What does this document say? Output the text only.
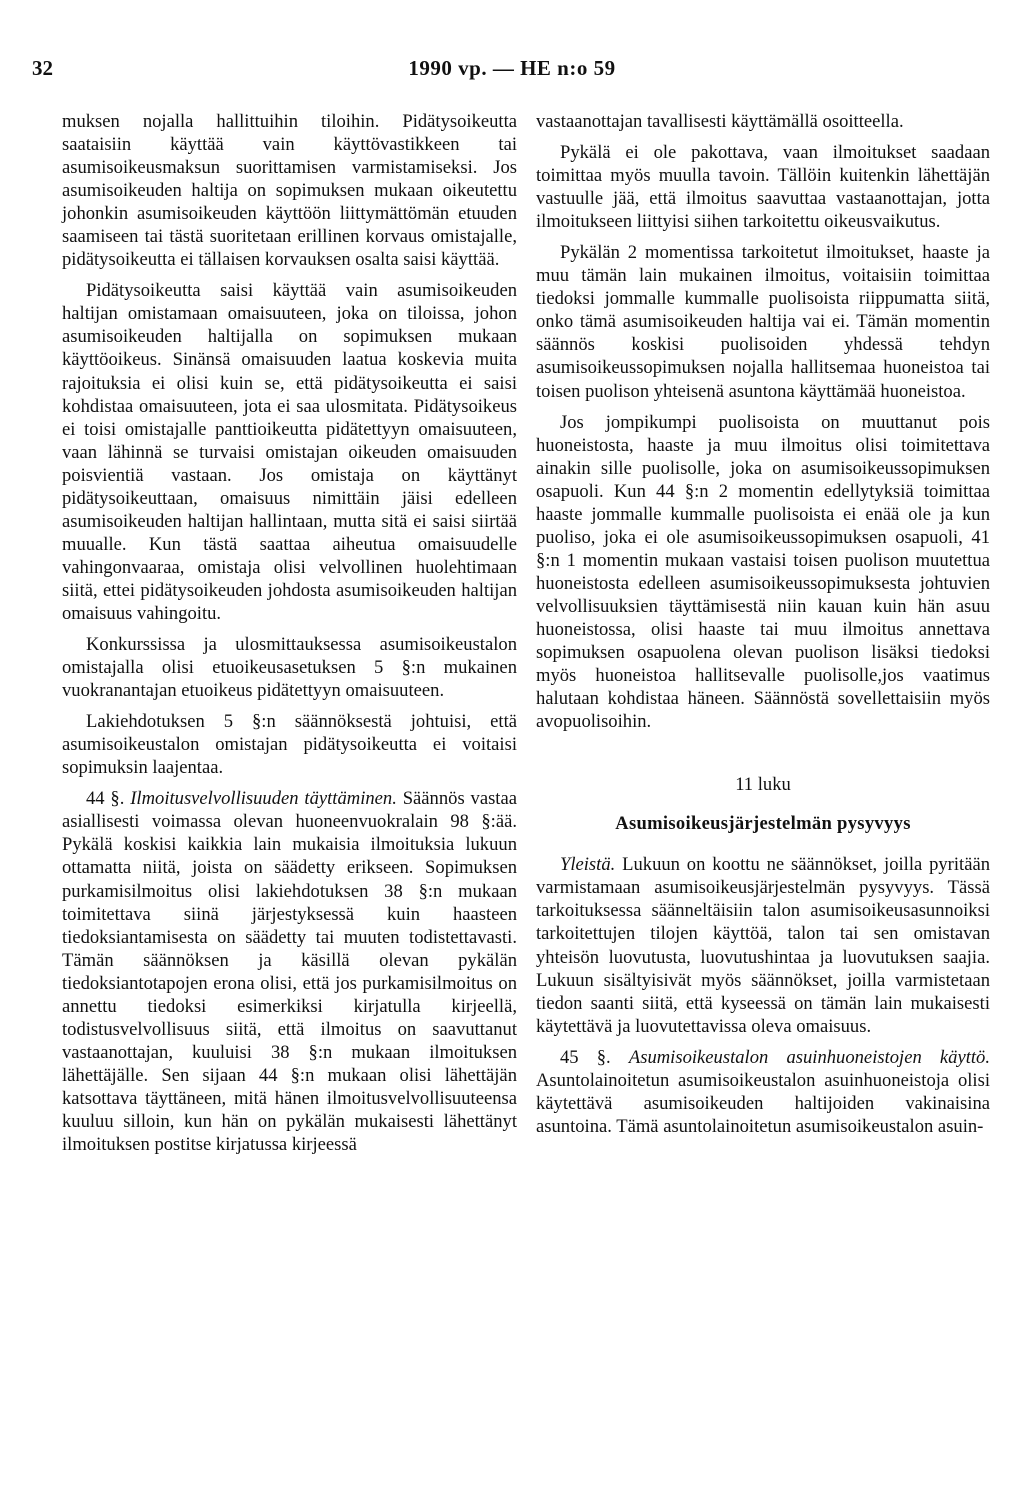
32	1990 vp. — HE n:o 59

muksen nojalla hallittuihin tiloihin. Pidätysoikeutta saataisiin käyttää vain käyttövastikkeen tai asumisoikeusmaksun suorittamisen varmistamiseksi. Jos asumisoikeuden haltija on sopimuksen mukaan oikeutettu johonkin asumisoikeuden käyttöön liittymättömän etuuden saamiseen tai tästä suoritetaan erillinen korvaus omistajalle, pidätysoikeutta ei tällaisen korvauksen osalta saisi käyttää.

Pidätysoikeutta saisi käyttää vain asumisoikeuden haltijan omistamaan omaisuuteen, joka on tiloissa, johon asumisoikeuden haltijalla on sopimuksen mukaan käyttöoikeus. Sinänsä omaisuuden laatua koskevia muita rajoituksia ei olisi kuin se, että pidätysoikeutta ei saisi kohdistaa omaisuuteen, jota ei saa ulosmitata. Pidätysoikeus ei toisi omistajalle panttioikeutta pidätettyyn omaisuuteen, vaan lähinnä se turvaisi omistajan oikeuden omaisuuden poisvientiä vastaan. Jos omistaja on käyttänyt pidätysoikeuttaan, omaisuus nimittäin jäisi edelleen asumisoikeuden haltijan hallintaan, mutta sitä ei saisi siirtää muualle. Kun tästä saattaa aiheutua omaisuudelle vahingonvaaraa, omistaja olisi velvollinen huolehtimaan siitä, ettei pidätysoikeuden johdosta asumisoikeuden haltijan omaisuus vahingoitu.

Konkurssissa ja ulosmittauksessa asumisoikeustalon omistajalla olisi etuoikeusasetuksen 5 §:n mukainen vuokranantajan etuoikeus pidätettyyn omaisuuteen.

Lakiehdotuksen 5 §:n säännöksestä johtuisi, että asumisoikeustalon omistajan pidätysoikeutta ei voitaisi sopimuksin laajentaa.

44 §. Ilmoitusvelvollisuuden täyttäminen. Säännös vastaa asiallisesti voimassa olevan huoneenvuokralain 98 §:ää. Pykälä koskisi kaikkia lain mukaisia ilmoituksia lukuun ottamatta niitä, joista on säädetty erikseen. Sopimuksen purkamisilmoitus olisi lakiehdotuksen 38 §:n mukaan toimitettava siinä järjestyksessä kuin haasteen tiedoksiantamisesta on säädetty tai muuten todistettavasti. Tämän säännöksen ja käsillä olevan pykälän tiedoksiantotapojen erona olisi, että jos purkamisilmoitus on annettu tiedoksi esimerkiksi kirjatulla kirjeellä, todistusvelvollisuus siitä, että ilmoitus on saavuttanut vastaanottajan, kuuluisi 38 §:n mukaan ilmoituksen lähettäjälle. Sen sijaan 44 §:n mukaan olisi lähettäjän katsottava täyttäneen, mitä hänen ilmoitusvelvollisuuteensa kuuluu silloin, kun hän on pykälän mukaisesti lähettänyt ilmoituksen postitse kirjatussa kirjeessä

vastaanottajan tavallisesti käyttämällä osoitteella.

Pykälä ei ole pakottava, vaan ilmoitukset saadaan toimittaa myös muulla tavoin. Tällöin kuitenkin lähettäjän vastuulle jää, että ilmoitus saavuttaa vastaanottajan, jotta ilmoitukseen liittyisi siihen tarkoitettu oikeusvaikutus.

Pykälän 2 momentissa tarkoitetut ilmoitukset, haaste ja muu tämän lain mukainen ilmoitus, voitaisiin toimittaa tiedoksi jommalle kummalle puolisoista riippumatta siitä, onko tämä asumisoikeuden haltija vai ei. Tämän momentin säännös koskisi puolisoiden yhdessä tehdyn asumisoikeussopimuksen nojalla hallitsemaa huoneistoa tai toisen puolison yhteisenä asuntona käyttämää huoneistoa.

Jos jompikumpi puolisoista on muuttanut pois huoneistosta, haaste ja muu ilmoitus olisi toimitettava ainakin sille puolisolle, joka on asumisoikeussopimuksen osapuoli. Kun 44 §:n 2 momentin edellytyksiä toimittaa haaste jommalle kummalle puolisoista ei enää ole ja kun puoliso, joka ei ole asumisoikeussopimuksen osapuoli, 41 §:n 1 momentin mukaan vastaisi toisen puolison muutettua huoneistosta edelleen asumisoikeussopimuksesta johtuvien velvollisuuksien täyttämisestä niin kauan kuin hän asuu huoneistossa, olisi haaste tai muu ilmoitus annettava sopimuksen osapuolena olevan puolison lisäksi tiedoksi myös huoneistoa hallitsevalle puolisolle,jos vaatimus halutaan kohdistaa häneen. Säännöstä sovellettaisiin myös avopuolisoihin.

11 luku
Asumisoikeusjärjestelmän pysyvyys

Yleistä. Lukuun on koottu ne säännökset, joilla pyritään varmistamaan asumisoikeusjärjestelmän pysyvyys. Tässä tarkoituksessa säänneltäisiin talon asumisoikeusasunnoiksi tarkoitettujen tilojen käyttöä, talon tai sen omistavan yhteisön luovutusta, luovutushintaa ja luovutuksen saajia. Lukuun sisältyisivät myös säännökset, joilla varmistetaan tiedon saanti siitä, että kyseessä on tämän lain mukaisesti käytettävä ja luovutettavissa oleva omaisuus.

45 §. Asumisoikeustalon asuinhuoneistojen käyttö. Asuntolainoitetun asumisoikeustalon asuinhuoneistoja olisi käytettävä asumisoikeuden haltijoiden vakinaisina asuntoina. Tämä asuntolainoitetun asumisoikeustalon asuin-
